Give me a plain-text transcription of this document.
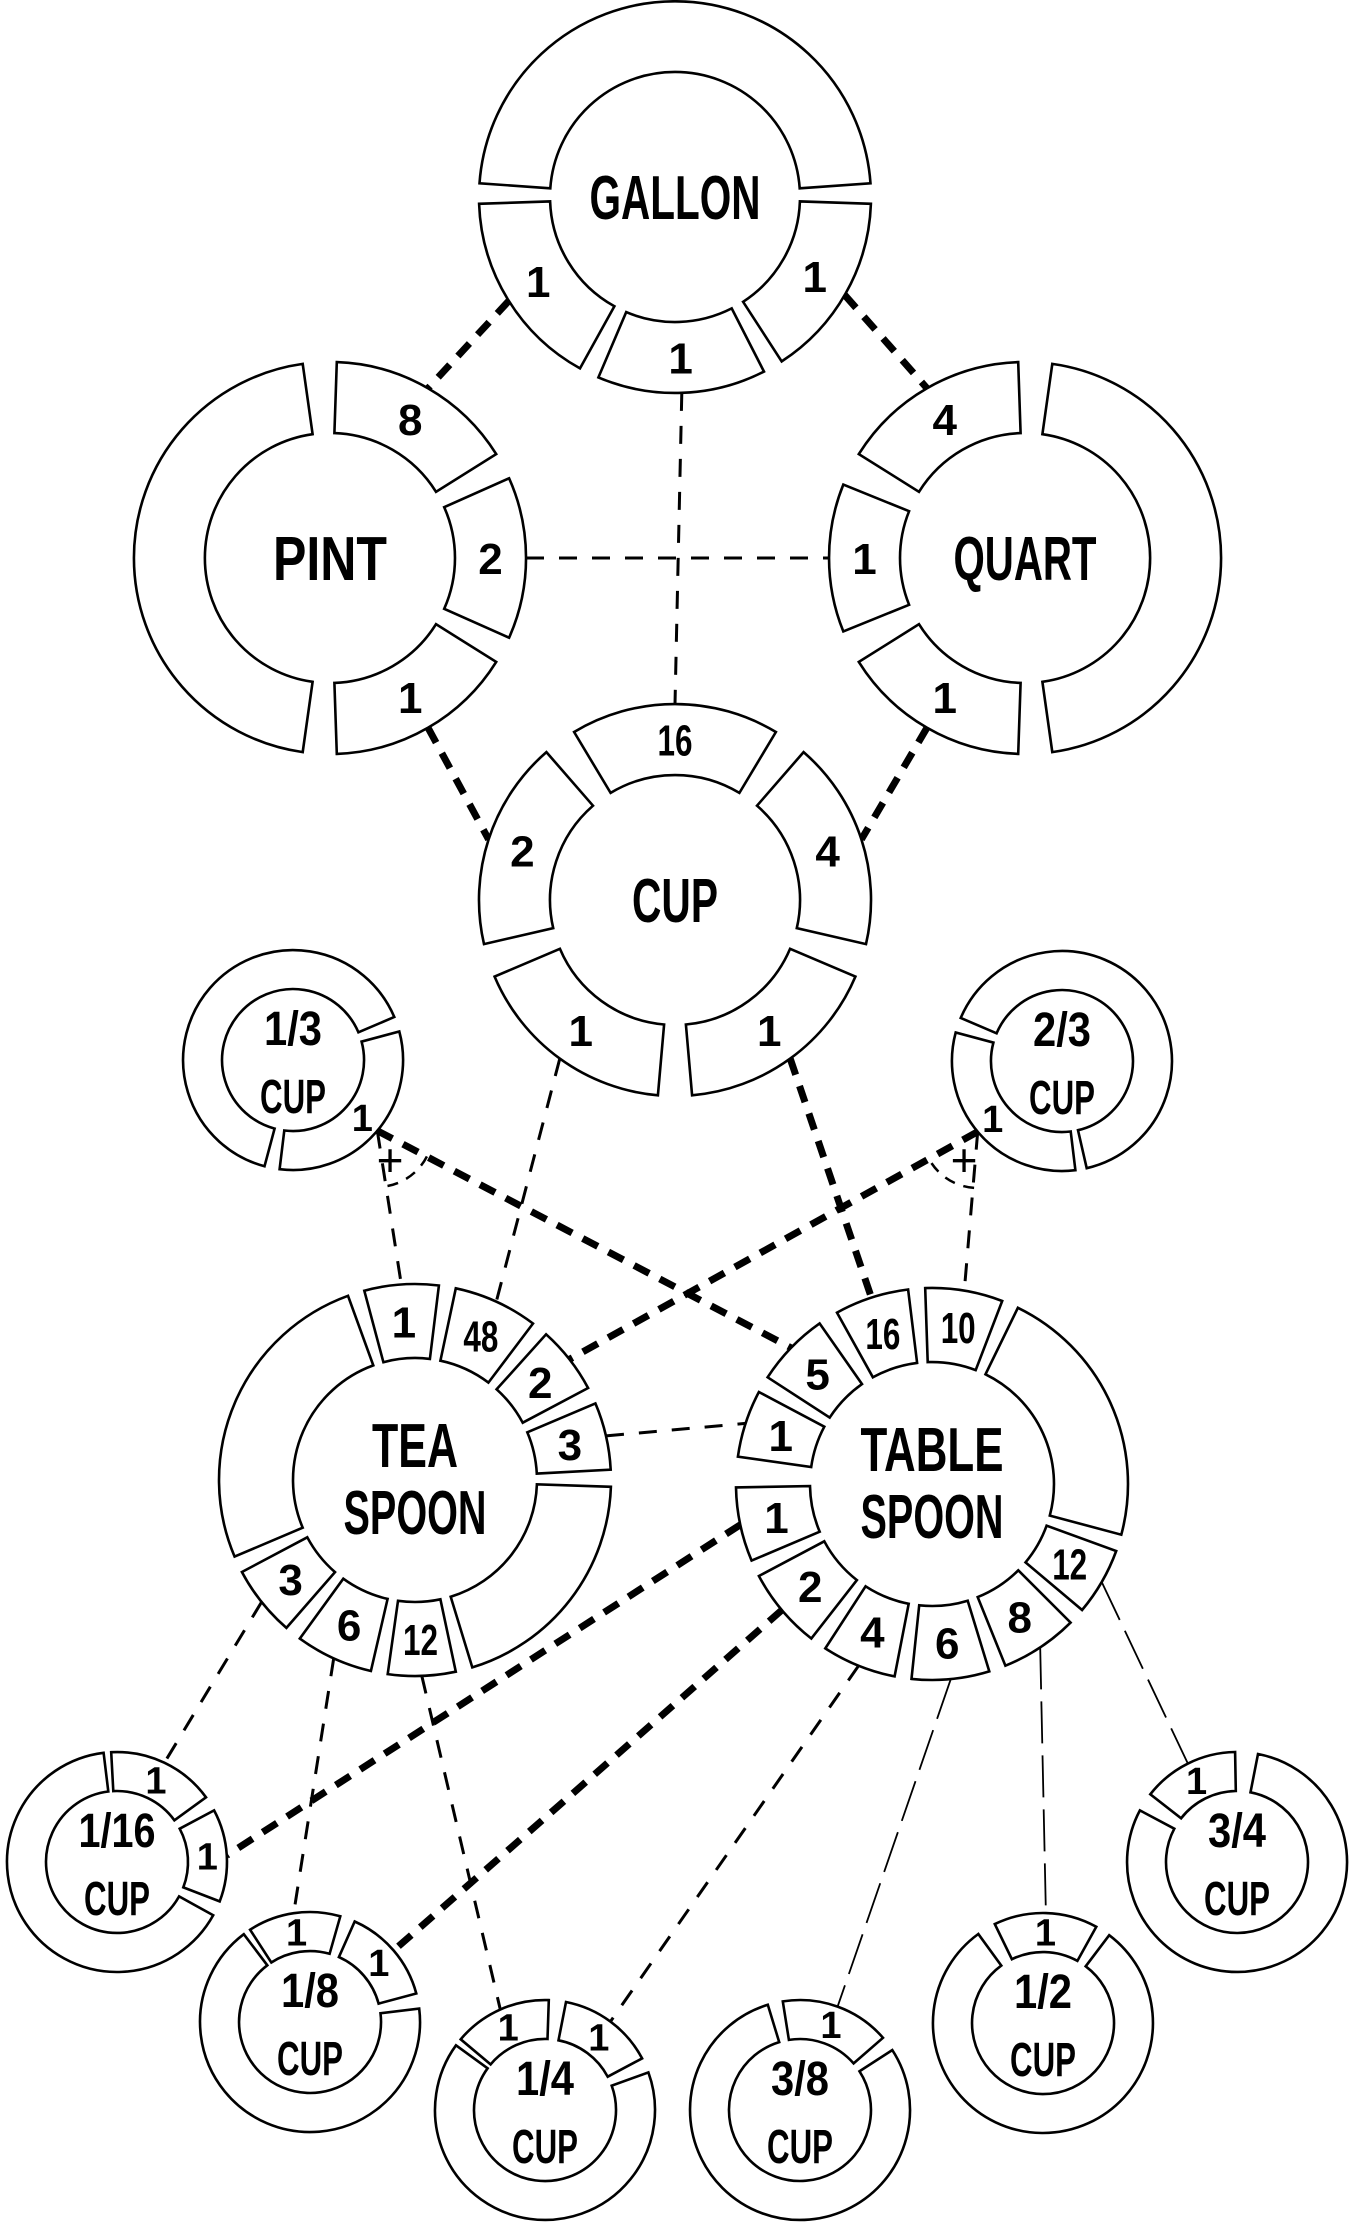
+	+
1
1
1
GALLON
8
2
1
PINT
4
1
1
QUART
16
4
2
1	1
CUP
1
1/3
CUP	1
2/3
CUP
1 48
2
3
12
6
3
TEA
SPOON
1
5
16 10
12
8
6
4
2
1
TABLE
SPOON
1
1
1/16
CUP
1
1
1/8
CUP
1 1
1/4
CUP
1
3/8
CUP
1
1/2
CUP
1
3/4
CUP
